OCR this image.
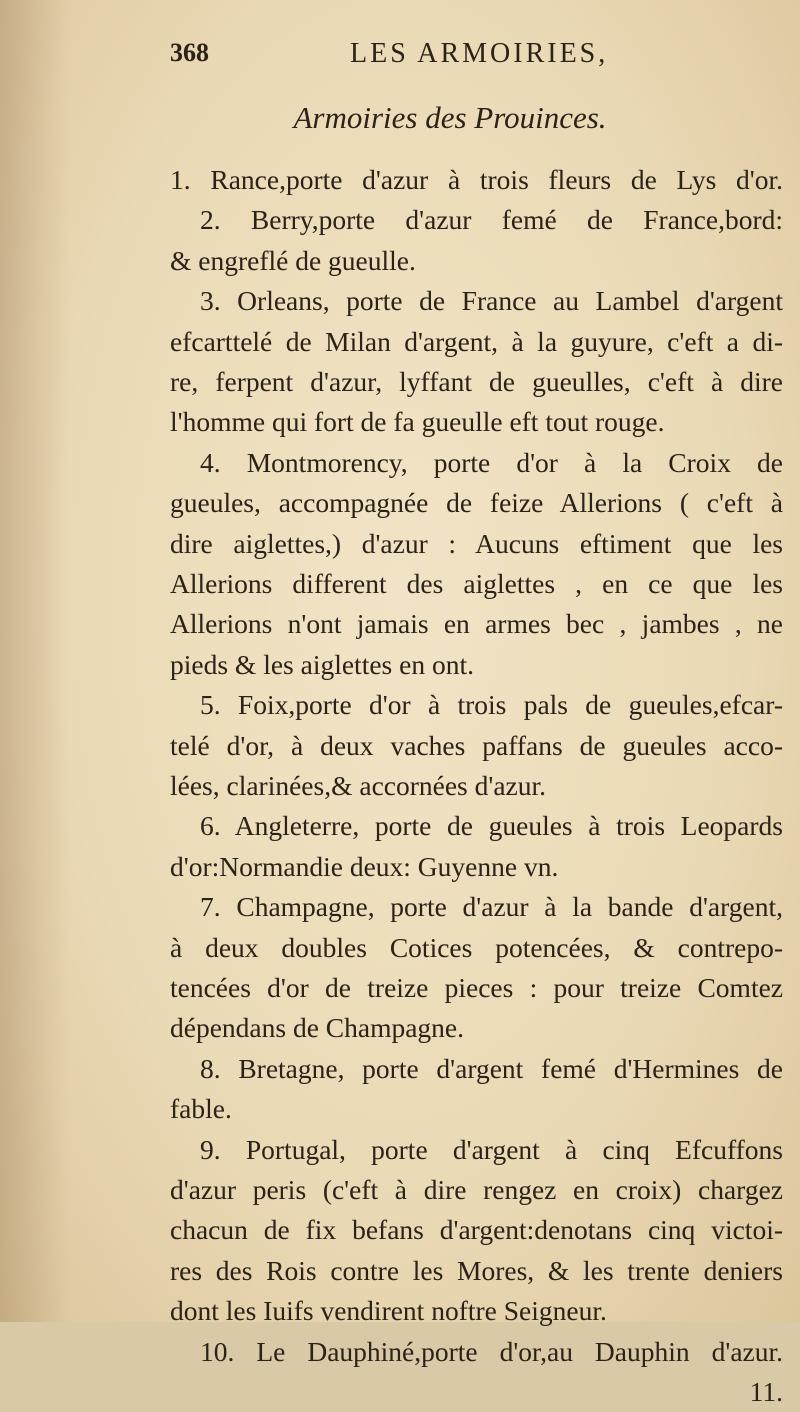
368	LES ARMOIRIES,
Armoiries des Prouinces.
1. Rance,porte d'azur à trois fleurs de Lys d'or.
2. Berry,porte d'azur femé de France,bord:
& engreflé de gueulle.
3. Orleans, porte de France au Lambel d'argent
efcarttelé de Milan d'argent, à la guyure, c'eft a di-
re, ferpent d'azur, lyffant de gueulles, c'eft à dire
l'homme qui fort de fa gueulle eft tout rouge.
4. Montmorency, porte d'or à la Croix de
gueules, accompagnée de feize Allerions ( c'eft à
dire aiglettes,) d'azur : Aucuns eftiment que les
Allerions different des aiglettes , en ce que les
Allerions n'ont jamais en armes bec , jambes , ne
pieds & les aiglettes en ont.
5. Foix,porte d'or à trois pals de gueules,efcar-
telé d'or, à deux vaches paffans de gueules acco-
lées, clarinées,& accornées d'azur.
6. Angleterre, porte de gueules à trois Leopards
d'or:Normandie deux: Guyenne vn.
7. Champagne, porte d'azur à la bande d'argent,
à deux doubles Cotices potencées, & contrepo-
tencées d'or de treize pieces : pour treize Comtez
dépendans de Champagne.
8. Bretagne, porte d'argent femé d'Hermines de
fable.
9. Portugal, porte d'argent à cinq Efcuffons
d'azur peris (c'eft à dire rengez en croix) chargez
chacun de fix befans d'argent:denotans cinq victoi-
res des Rois contre les Mores, & les trente deniers
dont les Iuifs vendirent noftre Seigneur.
10. Le Dauphiné,porte d'or,au Dauphin d'azur.
11.
